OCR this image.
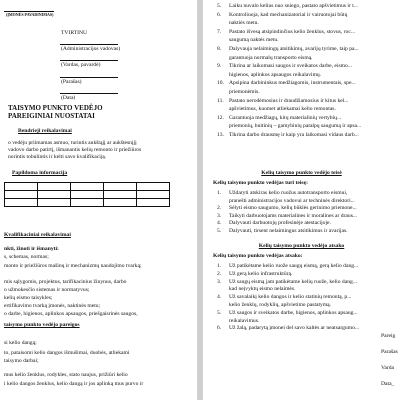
(ĮMONĖS PAVADINIMAS)
TVIRTINU
(Administracijos vadovas)
(Vardas, pavardė)
(Parašas)
(Data)
TAISYMO PUNKTO VEDĖJO
PAREIGINIAI NUOSTATAI
Bendrieji reikalavimai
o vedėju priimamas asmuo, turintis aukštąjį ar aukštesnįjį
vadovo darbo patirtį, išmanantis kelių remonto ir priežiūros
norintis tobulintis ir kelti savo kvalifikaciją.
Papildoma informacija

Kvalifikaciniai reikalavimai
nkti, žinoti ir išmanyti:
s, schemas, normas;
monto ir priežiūros mašinų ir mechanizmų naudojimo tvarką;
mis sąlygomis, projektus, tarifikacinius žinynus, darbo
o užmokesčio sistemas ir normatyvus;
kelių eismo taisykles;
ertifikavimo tvarką įmonės, naktinės metu;
o darbe, higienos, aplinkos apsaugos, priešgaisrinės saugos,
taisymo punkto vedėjo pareigos
si kelio dangą;
to, pataisomi kelio dangos išmušimai, duobės, atliekami
taisymo darbai;
mus kelio ženklus, rodykles, stato naujus, prižiūri kelio
i kelio dangos ženklus, kelio dangą ir jos aplinką mus purvo ir
5. Laiku nuvalo kelius nuo sniego, pastato apšvietimus ir t...
6. Kontroliuoja, kad mechanizatoriai ir vairuotojai būtų
naktiės metu.
7. Pastato išvesą atsipindinčius kelio ženklus, stovus, roc...
saugumą naktės metu.
8. Dalyvauja nelaimingų atsitikimų, avarijų tyrime, taip pa...
garantuoja normalų transporto eismą.
9. Tikrina ar laikomasi saugos ir sveikatos darbe, eismo...
higienos, aplinkos apsaugos reikalavimų.
10. Apsipina darbininkus medžiagomis, instrumentais, spe...
priemonėmis.
11. Pastato nerodėmosius ir draudžiamosius ir kitus kel...
apšvietimus, kuomet atliekamai kelio remontas.
12. Garantuoja medžiagų, kitų materialinių vertybių...
priemonių, buitinių – gamybinių patalpų saugumą ir apsa...
13. Tikrina darbo drausmę ir kaip yra laikomasi vidaus darb...
Kelių taisymo punkto vedėjo teisė
Kelių taisymo punkto vedėjas turi teisę:
1. Uždaryti atskiras kelio ruožus autotransporto eismui,
pranešti administracijos vadovui ar techninės direktori...
2. Sėlyti eismo saugumo, kelių būklės gerinimo priemone...
3. Taikyti darbuotojams materialines ir moralines ar draus...
4. Dalyvauti darbuotojų profesinėje atestacijoje.
5. Dalyvauti, tirsent nelaimingus atsitikimus ir avarijas.
Kelių taisymo punkto vedėjo atsako
Kelių taisymo punkto vedėjas atsako:
1. Už patikėtame kelio ruože saugų eismą, gerą kelio dang...
2. Už gerą kelio infrastruktūrą.
3. Už saugų eismą jam patikėtame kelių ruože, kelio dang...
kad neįvyktų eismo nelaimės.
4. Už savalaikį kelio dangos ir kelio statinių remontą, p...
kelio ženklų, rodyklių, apšvietimo pastatymą.
5. Už saugos ir sveikatos darbe, higienos, aplinkos apsaug...
reikalavimus.
6. Už žalą, padarytą įmonei del savo kaltės ar neatsargumo...
Pareig
Parašas
Varda
Data_
